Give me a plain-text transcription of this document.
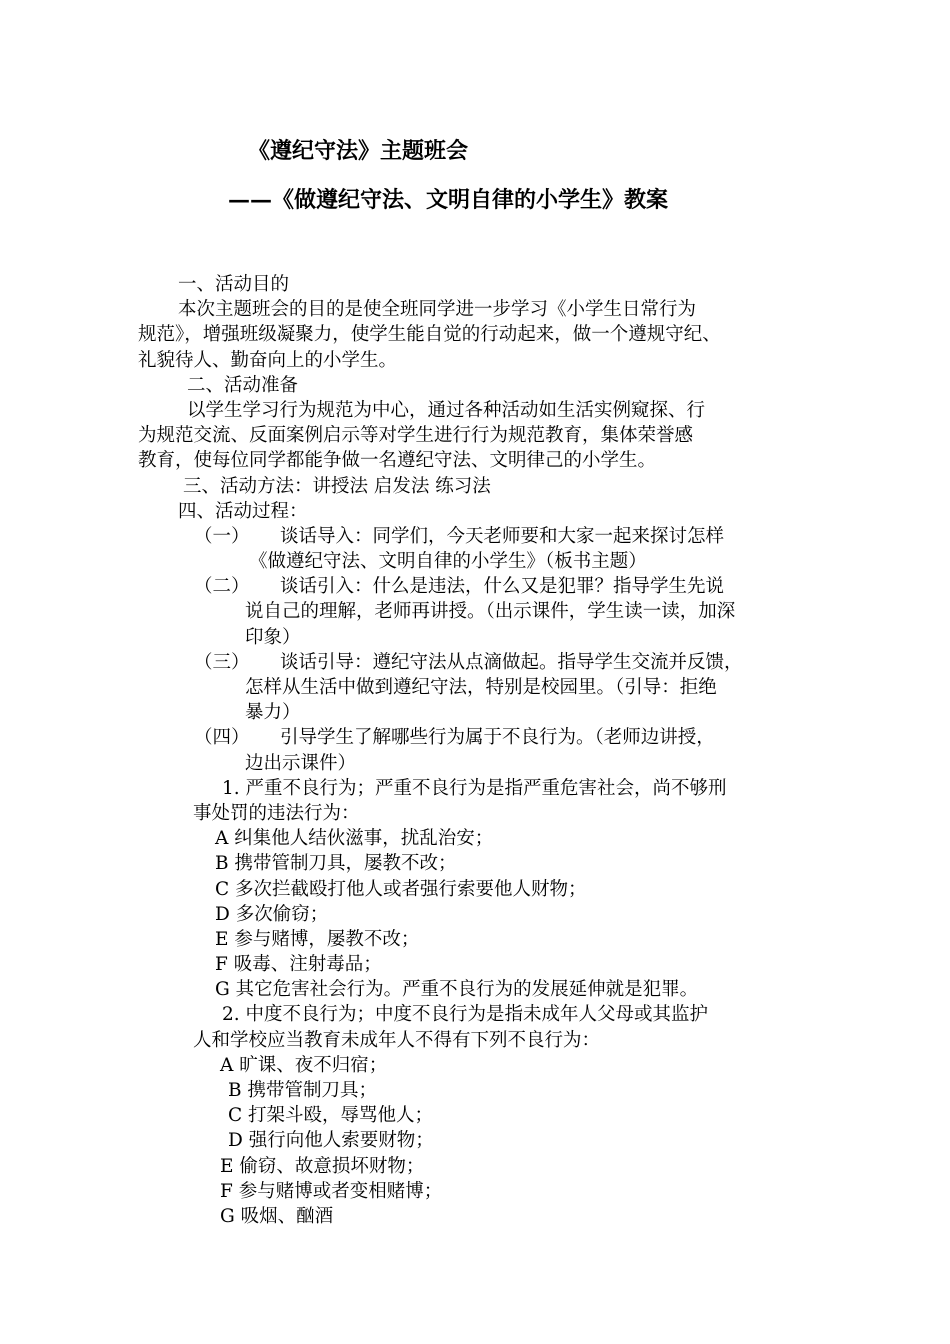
《遵纪守法》主题班会
——《做遵纪守法、文明自律的小学生》教案
一、活动目的
本次主题班会的目的是使全班同学进一步学习《小学生日常行为
规范》，增强班级凝聚力，使学生能自觉的行动起来，做一个遵规守纪、
礼貌待人、勤奋向上的小学生。
二、活动准备
以学生学习行为规范为中心，通过各种活动如生活实例窥探、行
为规范交流、反面案例启示等对学生进行行为规范教育，集体荣誉感
教育，使每位同学都能争做一名遵纪守法、文明律己的小学生。
三、活动方法：讲授法 启发法 练习法
四、活动过程：
（一） 谈话导入：同学们，今天老师要和大家一起来探讨怎样
《做遵纪守法、文明自律的小学生》（板书主题）
（二） 谈话引入：什么是违法，什么又是犯罪？指导学生先说
说自己的理解，老师再讲授。（出示课件，学生读一读，加深
印象）
（三） 谈话引导：遵纪守法从点滴做起。指导学生交流并反馈，
怎样从生活中做到遵纪守法，特别是校园里。（引导：拒绝
暴力）
（四） 引导学生了解哪些行为属于不良行为。（老师边讲授，
边出示课件）
1. 严重不良行为；严重不良行为是指严重危害社会，尚不够刑
事处罚的违法行为：
A 纠集他人结伙滋事，扰乱治安；
B 携带管制刀具，屡教不改；
C 多次拦截殴打他人或者强行索要他人财物；
D 多次偷窃；
E 参与赌博，屡教不改；
F 吸毒、注射毒品；
G 其它危害社会行为。严重不良行为的发展延伸就是犯罪。
2. 中度不良行为；中度不良行为是指未成年人父母或其监护
人和学校应当教育未成年人不得有下列不良行为：
A 旷课、夜不归宿；
B 携带管制刀具；
C 打架斗殴，辱骂他人；
D 强行向他人索要财物；
E 偷窃、故意损坏财物；
F 参与赌博或者变相赌博；
G 吸烟、酗酒
